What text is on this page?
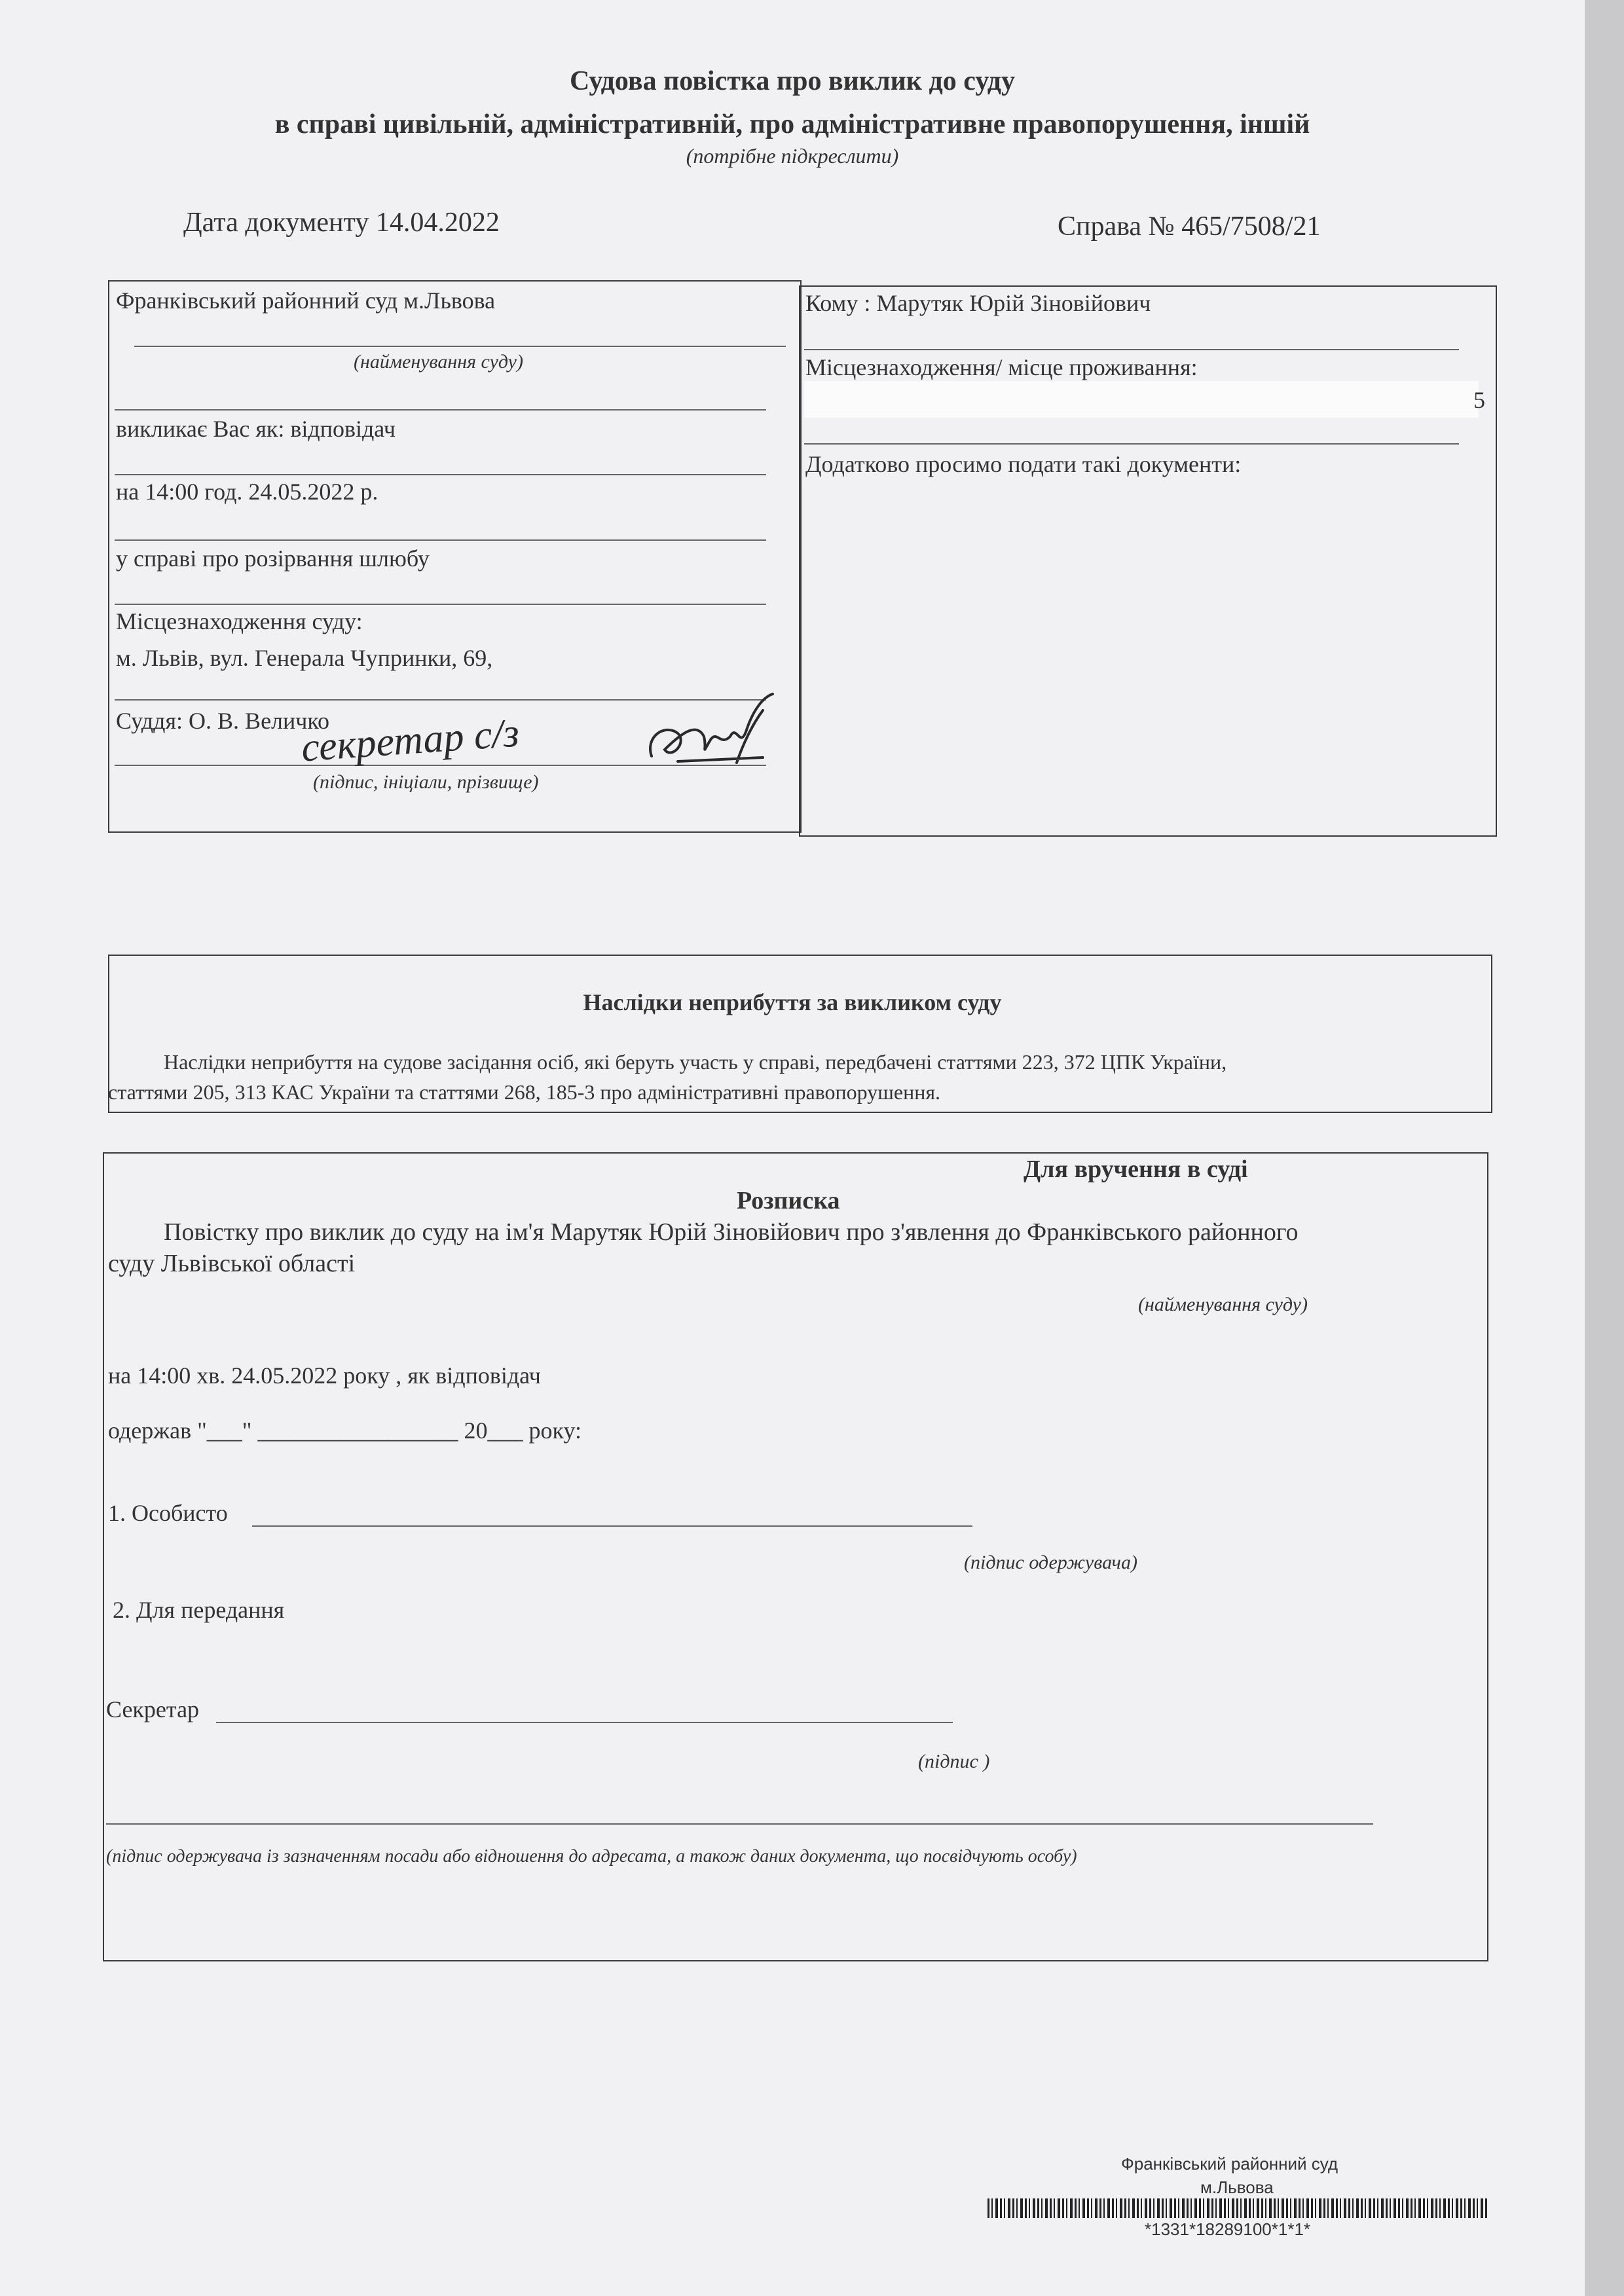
Судова повістка про виклик до суду
в справі цивільній, адміністративній, про адміністративне правопорушення, іншій
(потрібне підкреслити)
Дата документу 14.04.2022	Справа № 465/7508/21
Франківський районний суд м.Львова
(найменування суду)
викликає Вас як: відповідач
на 14:00 год. 24.05.2022 р.
у справі про розірвання шлюбу
Місцезнаходження суду:
м. Львів, вул. Генерала Чупринки, 69,
Суддя: О. В. Величко
секретар с/з
(підпис, ініціали, прізвище)
Кому : Марутяк Юрій Зіновійович
Місцезнаходження/ місце проживання:
5
Додатково просимо подати такі документи:
Наслідки неприбуття за викликом суду
Наслідки неприбуття на судове засідання осіб, які беруть участь у справі, передбачені статтями 223, 372 ЦПК України,
статтями 205, 313 КАС України та статтями 268, 185-3 про адміністративні правопорушення.
Для вручення в суді
Розписка
Повістку про виклик до суду на ім'я Марутяк Юрій Зіновійович про з'явлення до Франківського районного
суду Львівської області
(найменування суду)
на 14:00 хв. 24.05.2022 року , як відповідач
одержав "___" _________________ 20___ року:
1. Особисто
(підпис одержувача)
2. Для передання
Секретар
(підпис )
(підпис одержувача із зазначенням посади або відношення до адресата, а також даних документа, що посвідчують особу)
Франківський районний суд
м.Львова
*1331*18289100*1*1*
